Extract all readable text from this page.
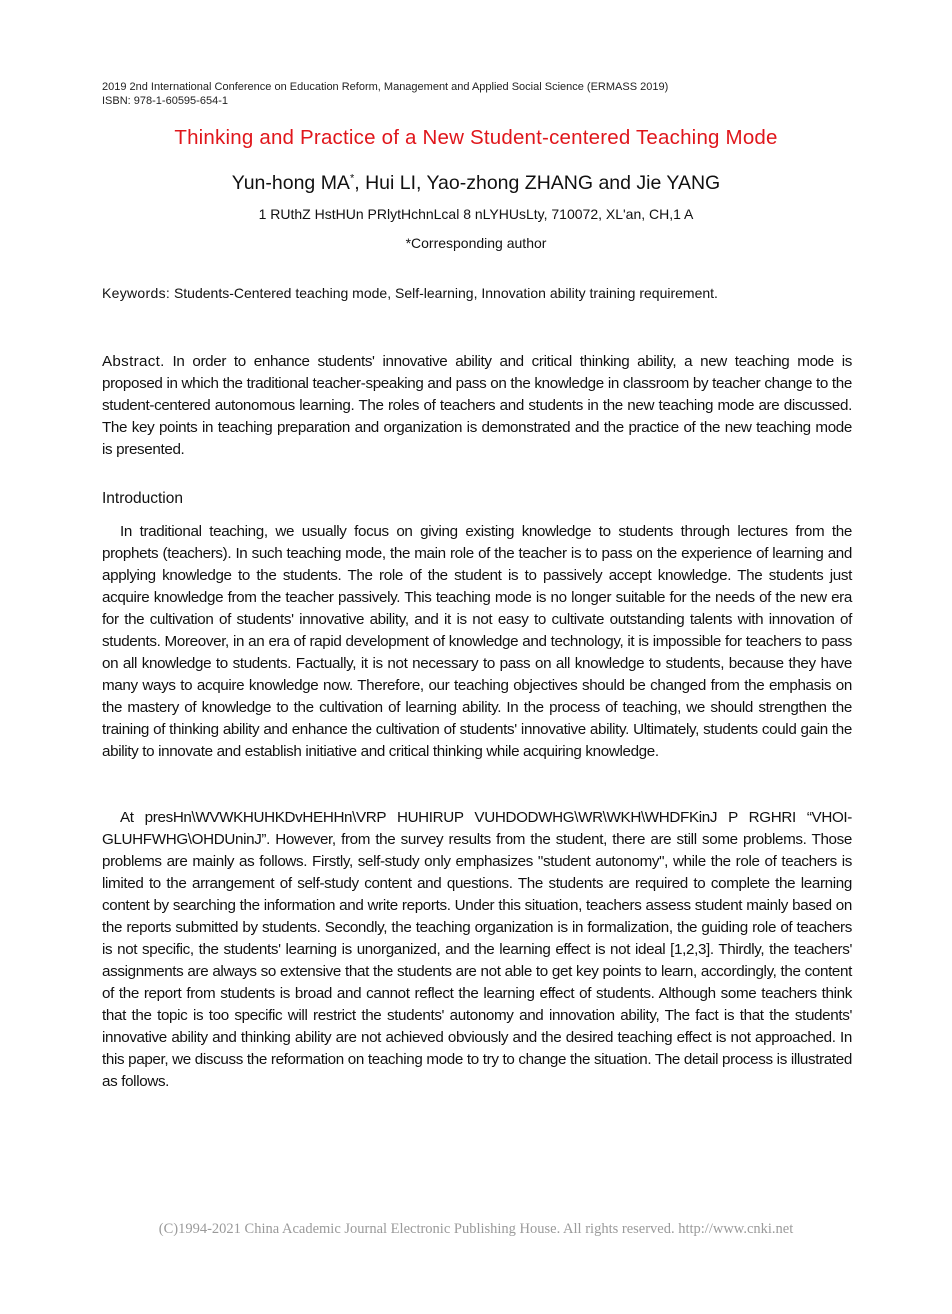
2019 2nd International Conference on Education Reform, Management and Applied Social Science (ERMASS 2019)
ISBN: 978-1-60595-654-1
Thinking and Practice of a New Student-centered Teaching Mode
Yun-hong MA*, Hui LI, Yao-zhong ZHANG and Jie YANG
1 RUthZ HstHUn PRlytHchnLcal 8 nLYHUsLty, 710072, XL'an, CH,1 A
*Corresponding author
Keywords: Students-Centered teaching mode, Self-learning, Innovation ability training requirement.
Abstract. In order to enhance students' innovative ability and critical thinking ability, a new teaching mode is proposed in which the traditional teacher-speaking and pass on the knowledge in classroom by teacher change to the student-centered autonomous learning. The roles of teachers and students in the new teaching mode are discussed. The key points in teaching preparation and organization is demonstrated and the practice of the new teaching mode is presented.
Introduction

In traditional teaching, we usually focus on giving existing knowledge to students through lectures from the prophets (teachers). In such teaching mode, the main role of the teacher is to pass on the experience of learning and applying knowledge to the students. The role of the student is to passively accept knowledge. The students just acquire knowledge from the teacher passively. This teaching mode is no longer suitable for the needs of the new era for the cultivation of students' innovative ability, and it is not easy to cultivate outstanding talents with innovation of students. Moreover, in an era of rapid development of knowledge and technology, it is impossible for teachers to pass on all knowledge to students. Factually, it is not necessary to pass on all knowledge to students, because they have many ways to acquire knowledge now. Therefore, our teaching objectives should be changed from the emphasis on the mastery of knowledge to the cultivation of learning ability. In the process of teaching, we should strengthen the training of thinking ability and enhance the cultivation of students' innovative ability. Ultimately, students could gain the ability to innovate and establish initiative and critical thinking while acquiring knowledge.

At presHn\WVWKHUHKDvHEHHn\VRP HUHIRUP VUHDODWHG\WR\WKH\WHDFKinJ P RGHRI “VHOI-GLUHFWHG\OHDUninJ”. However, from the survey results from the student, there are still some problems. Those problems are mainly as follows. Firstly, self-study only emphasizes "student autonomy", while the role of teachers is limited to the arrangement of self-study content and questions. The students are required to complete the learning content by searching the information and write reports. Under this situation, teachers assess student mainly based on the reports submitted by students. Secondly, the teaching organization is in formalization, the guiding role of teachers is not specific, the students' learning is unorganized, and the learning effect is not ideal [1,2,3]. Thirdly, the teachers' assignments are always so extensive that the students are not able to get key points to learn, accordingly, the content of the report from students is broad and cannot reflect the learning effect of students. Although some teachers think that the topic is too specific will restrict the students' autonomy and innovation ability, The fact is that the students' innovative ability and thinking ability are not achieved obviously and the desired teaching effect is not approached. In this paper, we discuss the reformation on teaching mode to try to change the situation. The detail process is illustrated as follows.

(C)1994-2021 China Academic Journal Electronic Publishing House. All rights reserved. http://www.cnki.net
